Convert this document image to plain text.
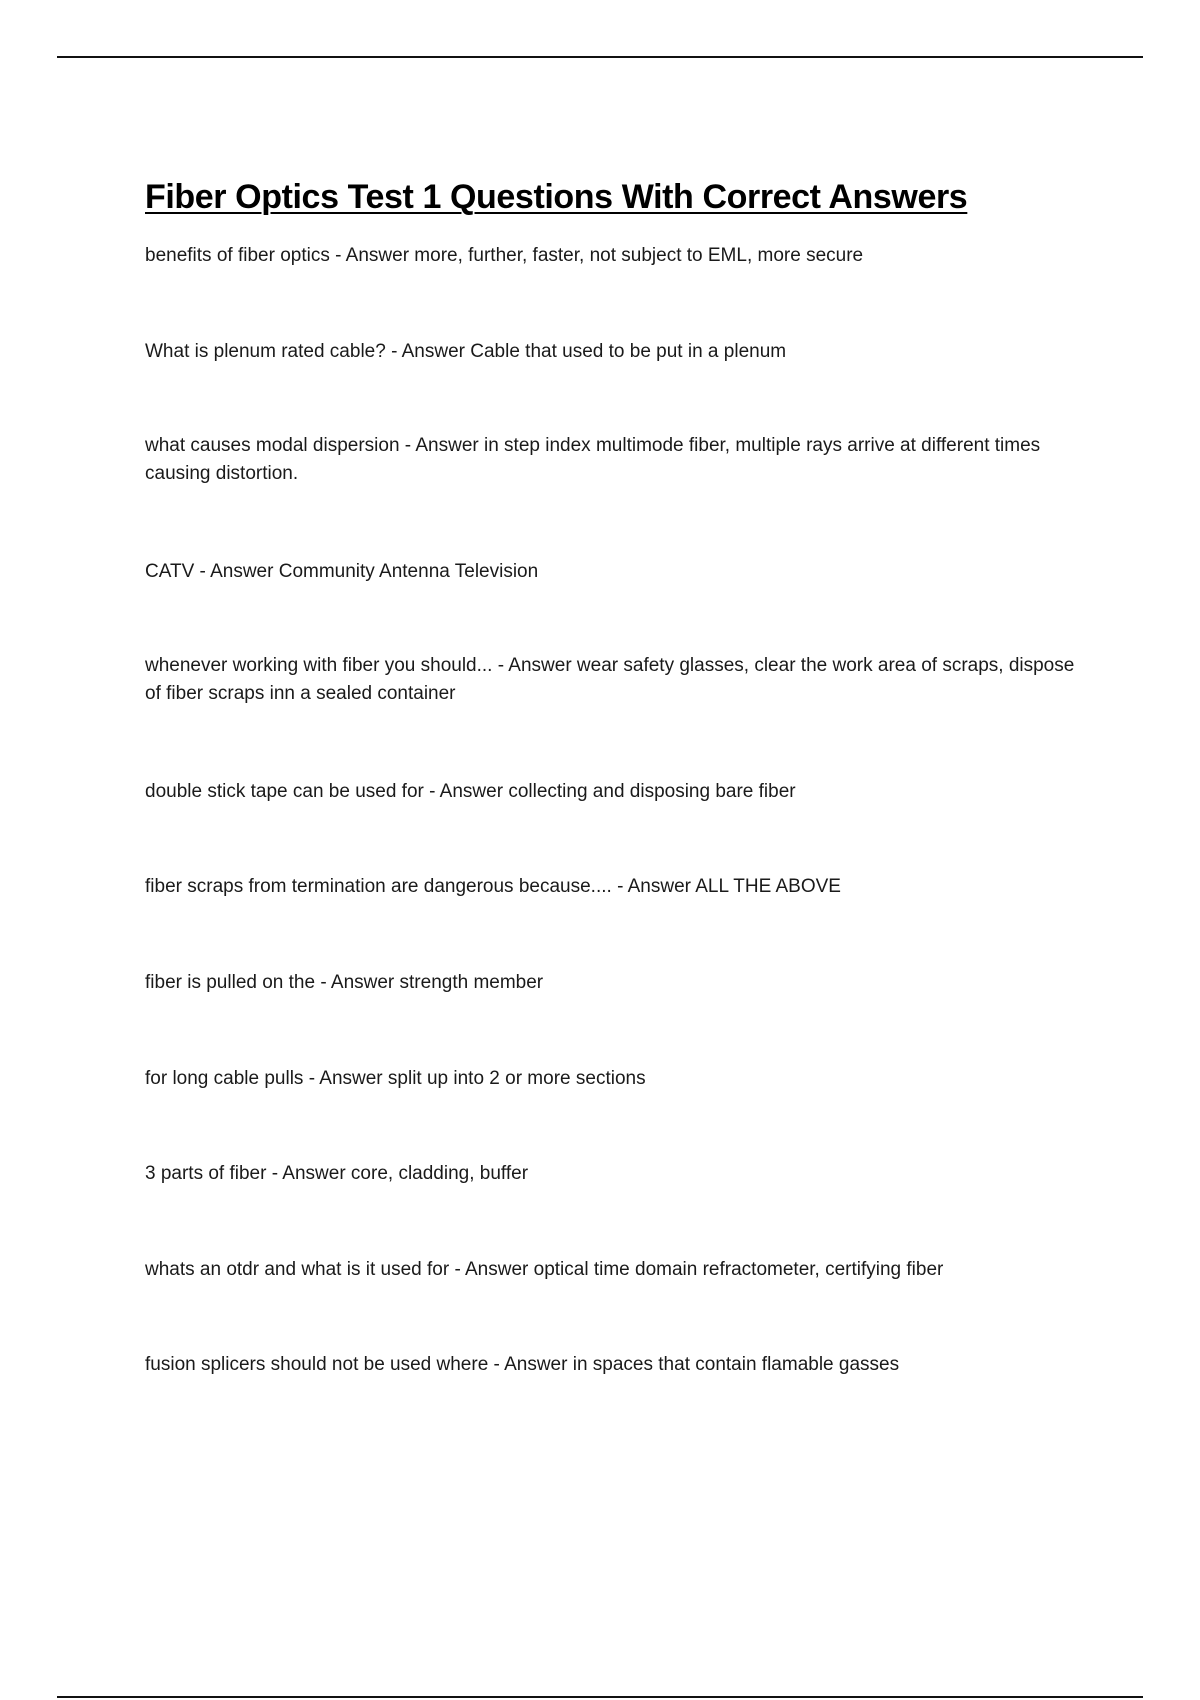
Fiber Optics Test 1 Questions With Correct Answers

benefits of fiber optics - Answer more, further, faster, not subject to EML, more secure

What is plenum rated cable? - Answer Cable that used to be put in a plenum

what causes modal dispersion - Answer in step index multimode fiber, multiple rays arrive at different times causing distortion.

CATV - Answer Community Antenna Television

whenever working with fiber you should... - Answer wear safety glasses, clear the work area of scraps, dispose of fiber scraps inn a sealed container

double stick tape can be used for - Answer collecting and disposing bare fiber

fiber scraps from termination are dangerous because.... - Answer ALL THE ABOVE

fiber is pulled on the - Answer strength member

for long cable pulls - Answer split up into 2 or more sections

3 parts of fiber - Answer core, cladding, buffer

whats an otdr and what is it used for - Answer optical time domain refractometer, certifying fiber

fusion splicers should not be used where - Answer in spaces that contain flamable gasses
